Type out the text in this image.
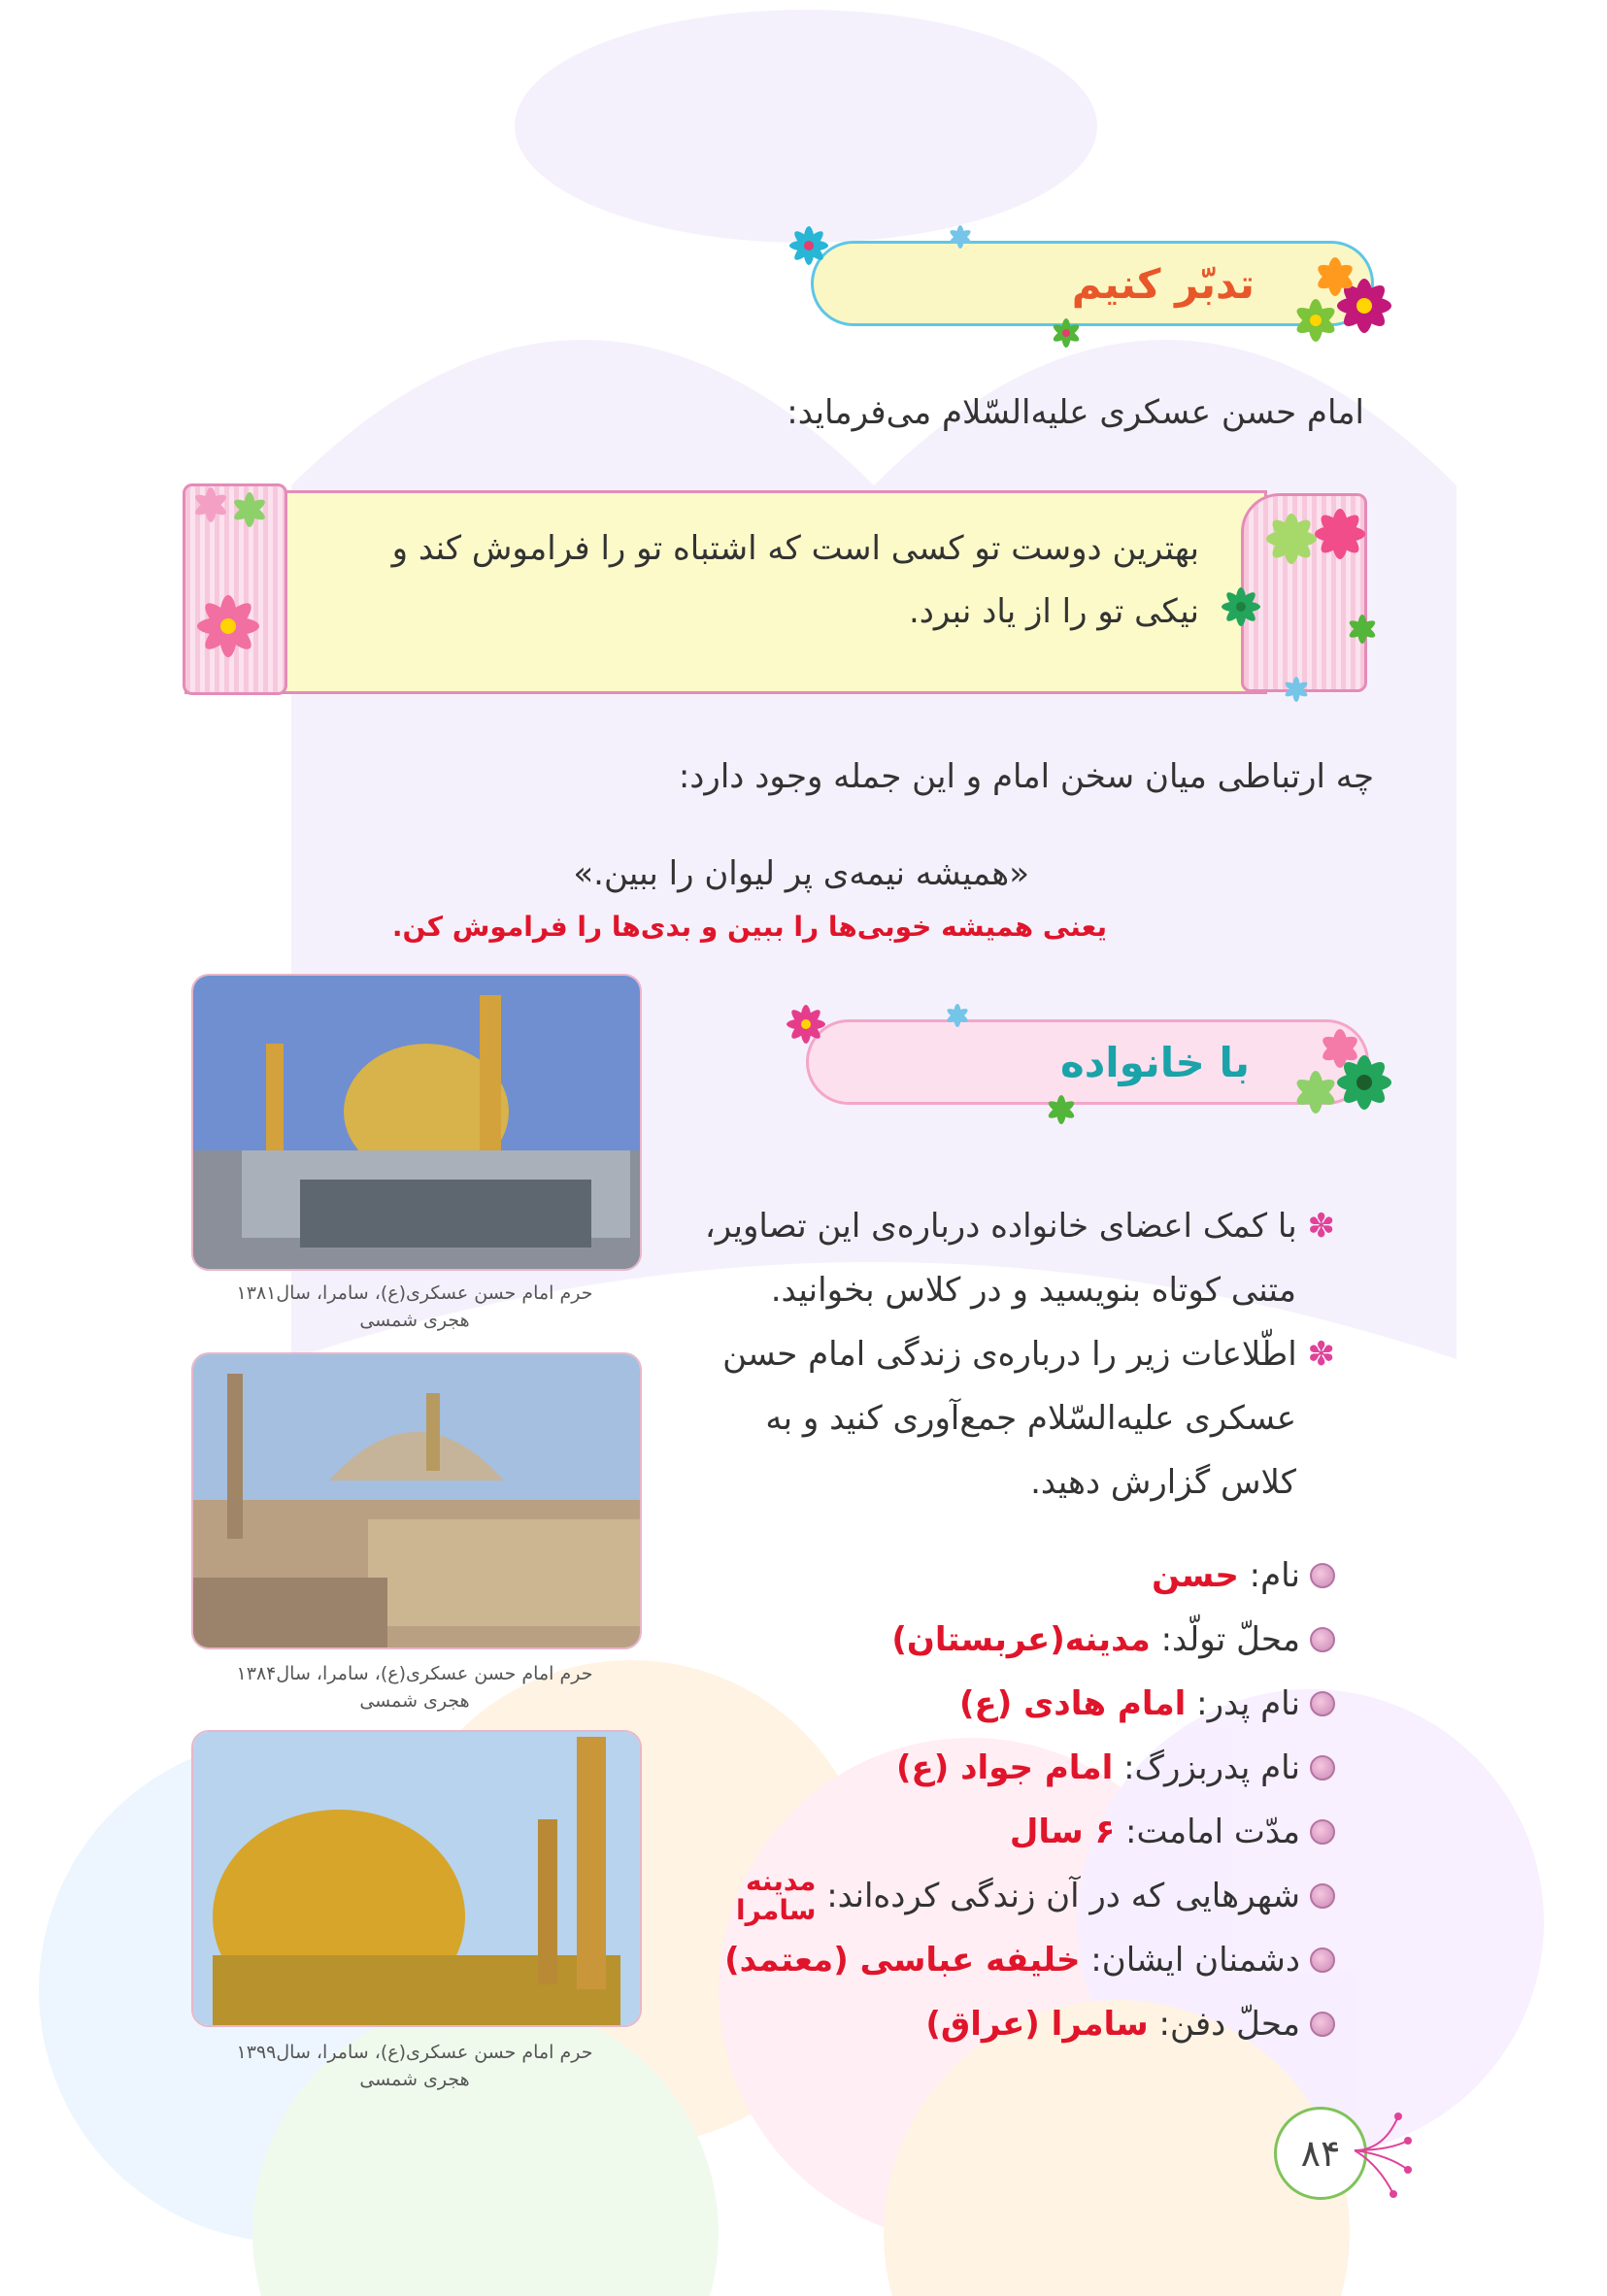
تدبّر کنیم
امام حسن عسکری علیه‌السّلام می‌فرماید:
بهترین دوست تو کسی است که اشتباه تو را فراموش کند و
نیکی تو را از یاد نبرد.
چه ارتباطی میان سخن امام و این جمله وجود دارد:
«همیشه نیمه‌ی پر لیوان را ببین.»
یعنی همیشه خوبی‌ها را ببین و بدی‌ها را فراموش کن.
با خانواده
✽ با کمک اعضای خانواده درباره‌ی این تصاویر،
متنی کوتاه بنویسید و در کلاس بخوانید.
✽ اطّلاعات زیر را درباره‌ی زندگی امام حسن
عسکری علیه‌السّلام جمع‌آوری کنید و به
کلاس گزارش دهید.
نام:

حسن
محلّ تولّد:

مدینه(عربستان)
نام پدر:

امام هادی (ع)
نام پدربزرگ:

امام جواد (ع)
مدّت امامت:

۶ سال
شهرهایی که در آن زندگی کرده‌اند:

مدینه
سامرا
دشمنان ایشان:

خلیفه عباسی (معتمد)
محلّ دفن:

سامرا (عراق)
حرم امام حسن عسکری(ع)، سامرا، سال۱۳۸۱
هجری شمسی
حرم امام حسن عسکری(ع)، سامرا، سال۱۳۸۴
هجری شمسی
حرم امام حسن عسکری(ع)، سامرا، سال۱۳۹۹
هجری شمسی
۸۴
